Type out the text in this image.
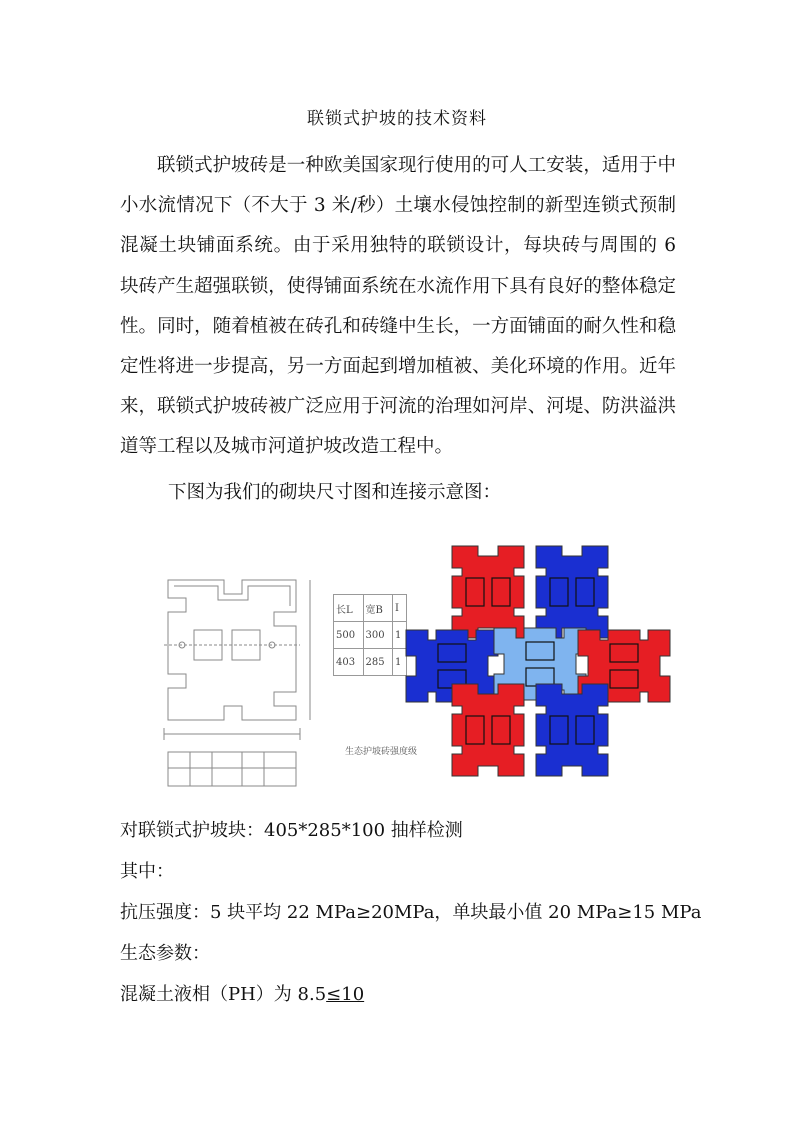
联锁式护坡的技术资料

联锁式护坡砖是一种欧美国家现行使用的可人工安装，适用于中小水流情况下（不大于 3 米/秒）土壤水侵蚀控制的新型连锁式预制混凝土块铺面系统。由于采用独特的联锁设计，每块砖与周围的 6 块砖产生超强联锁，使得铺面系统在水流作用下具有良好的整体稳定性。同时，随着植被在砖孔和砖缝中生长，一方面铺面的耐久性和稳定性将进一步提高，另一方面起到增加植被、美化环境的作用。近年来，联锁式护坡砖被广泛应用于河流的治理如河岸、河堤、防洪溢洪道等工程以及城市河道护坡改造工程中。

下图为我们的砌块尺寸图和连接示意图：
长L	宽B	I
500	300	1
403	285	1
生态护坡砖强度级
对联锁式护坡块：405*285*100 抽样检测
其中：
抗压强度：5 块平均 22 MPa≥20MPa，单块最小值 20 MPa≥15 MPa
生态参数：
混凝土液相（PH）为 8.5≤10
